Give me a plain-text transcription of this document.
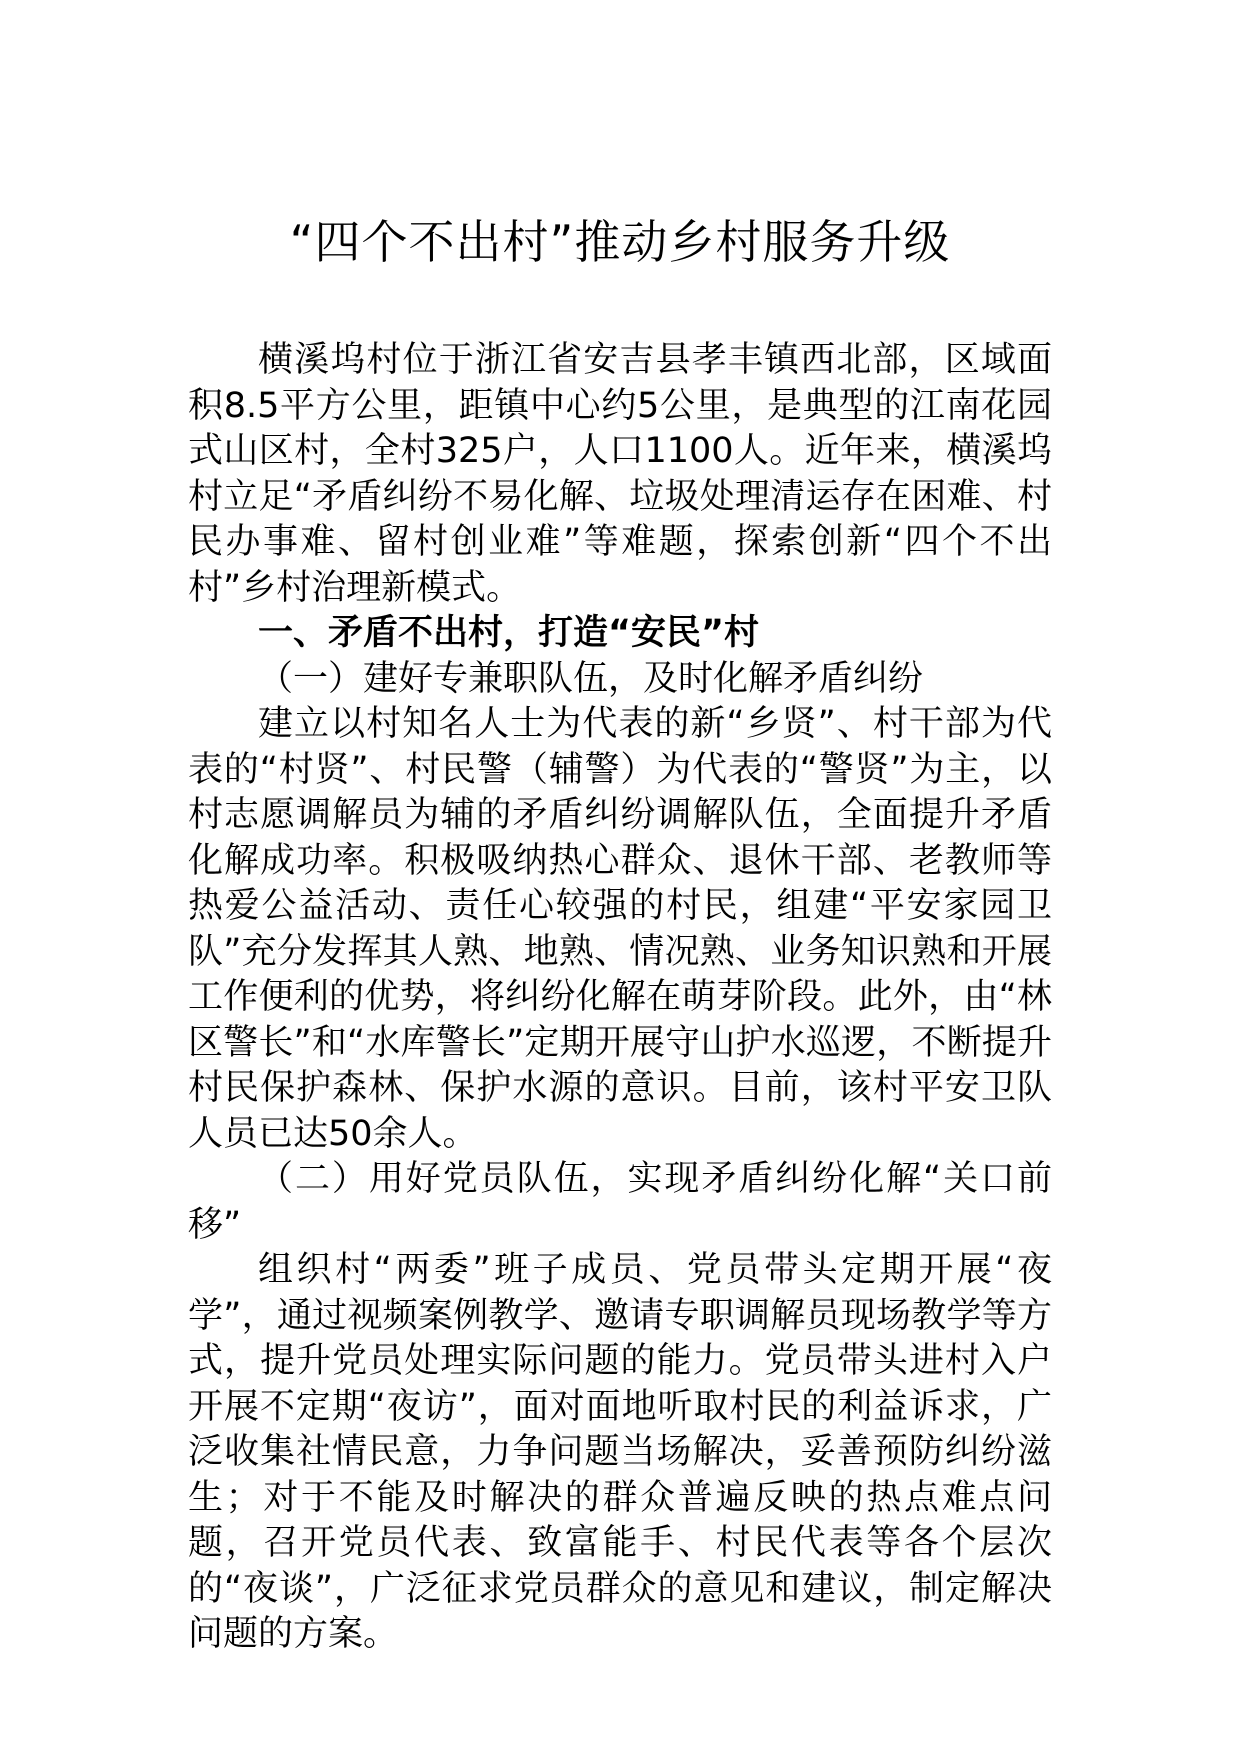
“四个不出村”推动乡村服务升级

横溪坞村位于浙江省安吉县孝丰镇西北部，区域面积8.5平方公里，距镇中心约5公里，是典型的江南花园式山区村，全村325户，人口1100人。近年来，横溪坞村立足“矛盾纠纷不易化解、垃圾处理清运存在困难、村民办事难、留村创业难”等难题，探索创新“四个不出村”乡村治理新模式。

一、矛盾不出村，打造“安民”村

（一）建好专兼职队伍，及时化解矛盾纠纷

建立以村知名人士为代表的新“乡贤”、村干部为代表的“村贤”、村民警（辅警）为代表的“警贤”为主，以村志愿调解员为辅的矛盾纠纷调解队伍，全面提升矛盾化解成功率。积极吸纳热心群众、退休干部、老教师等热爱公益活动、责任心较强的村民，组建“平安家园卫队”充分发挥其人熟、地熟、情况熟、业务知识熟和开展工作便利的优势，将纠纷化解在萌芽阶段。此外，由“林区警长”和“水库警长”定期开展守山护水巡逻，不断提升村民保护森林、保护水源的意识。目前，该村平安卫队人员已达50余人。

（二）用好党员队伍，实现矛盾纠纷化解“关口前移”

组织村“两委”班子成员、党员带头定期开展“夜学”，通过视频案例教学、邀请专职调解员现场教学等方式，提升党员处理实际问题的能力。党员带头进村入户开展不定期“夜访”，面对面地听取村民的利益诉求，广泛收集社情民意，力争问题当场解决，妥善预防纠纷滋生；对于不能及时解决的群众普遍反映的热点难点问题，召开党员代表、致富能手、村民代表等各个层次的“夜谈”，广泛征求党员群众的意见和建议，制定解决问题的方案。
